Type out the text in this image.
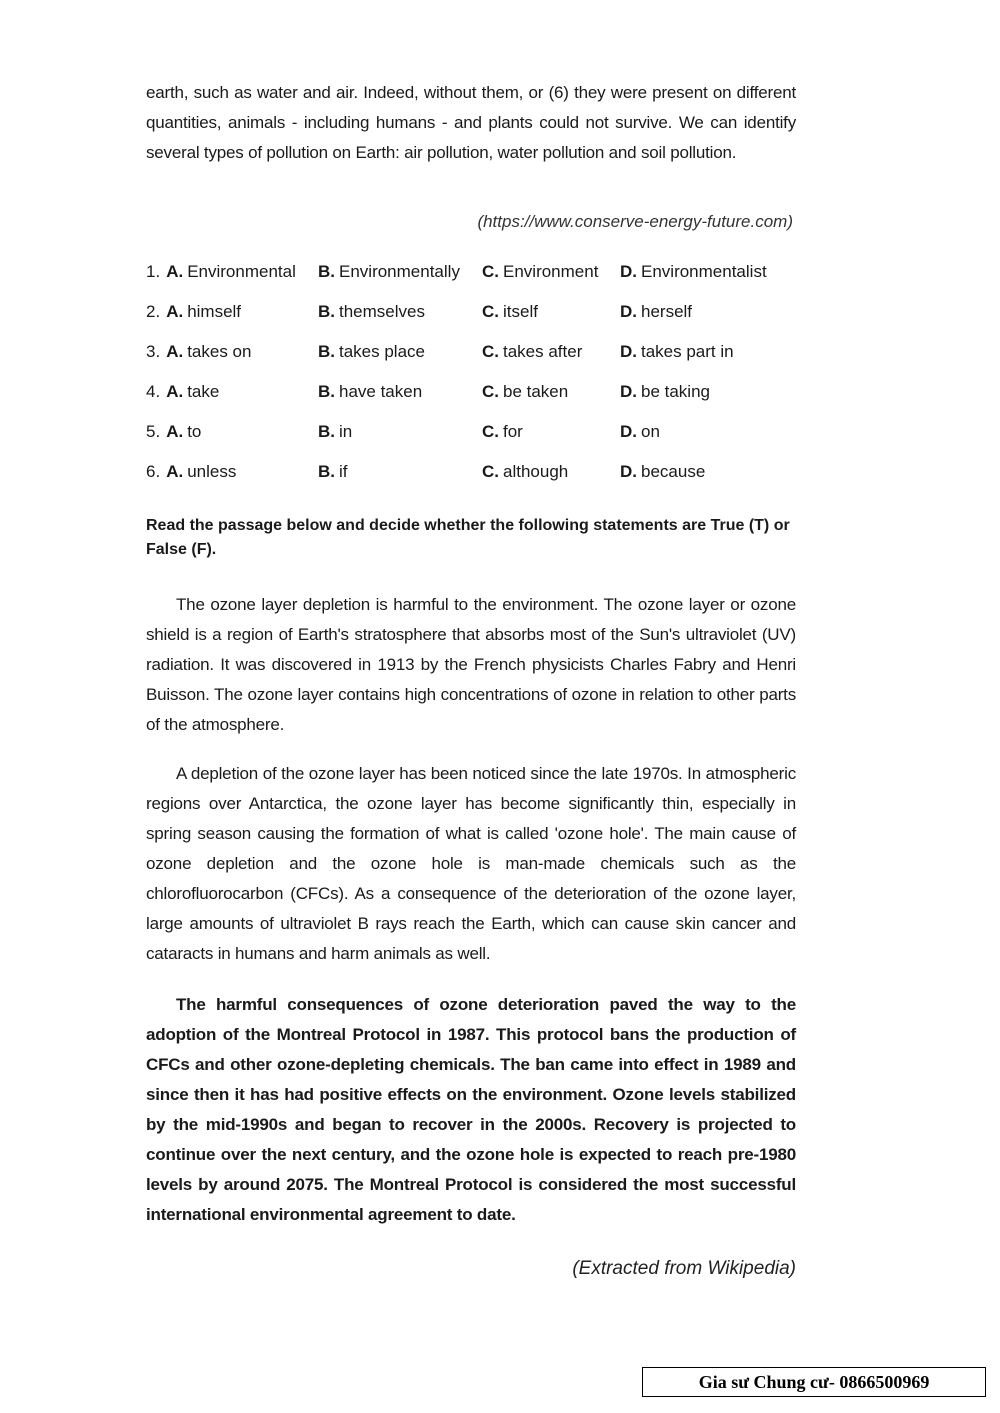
earth, such as water and air. Indeed, without them, or (6) they were present on different quantities, animals - including humans - and plants could not survive. We can identify several types of pollution on Earth: air pollution, water pollution and soil pollution.
(https://www.conserve-energy-future.com)
1. A. Environmental	B. Environmentally	C. Environment	D. Environmentalist
2. A. himself	B. themselves	C. itself	D. herself
3. A. takes on	B. takes place	C. takes after	D. takes part in
4. A. take	B. have taken	C. be taken	D. be taking
5. A. to	B. in	C. for	D. on
6. A. unless	B. if	C. although	D. because
Read the passage below and decide whether the following statements are True (T) or False (F).
The ozone layer depletion is harmful to the environment. The ozone layer or ozone shield is a region of Earth's stratosphere that absorbs most of the Sun's ultraviolet (UV) radiation. It was discovered in 1913 by the French physicists Charles Fabry and Henri Buisson. The ozone layer contains high concentrations of ozone in relation to other parts of the atmosphere.
A depletion of the ozone layer has been noticed since the late 1970s. In atmospheric regions over Antarctica, the ozone layer has become significantly thin, especially in spring season causing the formation of what is called 'ozone hole'. The main cause of ozone depletion and the ozone hole is man-made chemicals such as the chlorofluorocarbon (CFCs). As a consequence of the deterioration of the ozone layer, large amounts of ultraviolet B rays reach the Earth, which can cause skin cancer and cataracts in humans and harm animals as well.
The harmful consequences of ozone deterioration paved the way to the adoption of the Montreal Protocol in 1987. This protocol bans the production of CFCs and other ozone-depleting chemicals. The ban came into effect in 1989 and since then it has had positive effects on the environment. Ozone levels stabilized by the mid-1990s and began to recover in the 2000s. Recovery is projected to continue over the next century, and the ozone hole is expected to reach pre-1980 levels by around 2075. The Montreal Protocol is considered the most successful international environmental agreement to date.
(Extracted from Wikipedia)
Gia sư Chung cư- 0866500969
